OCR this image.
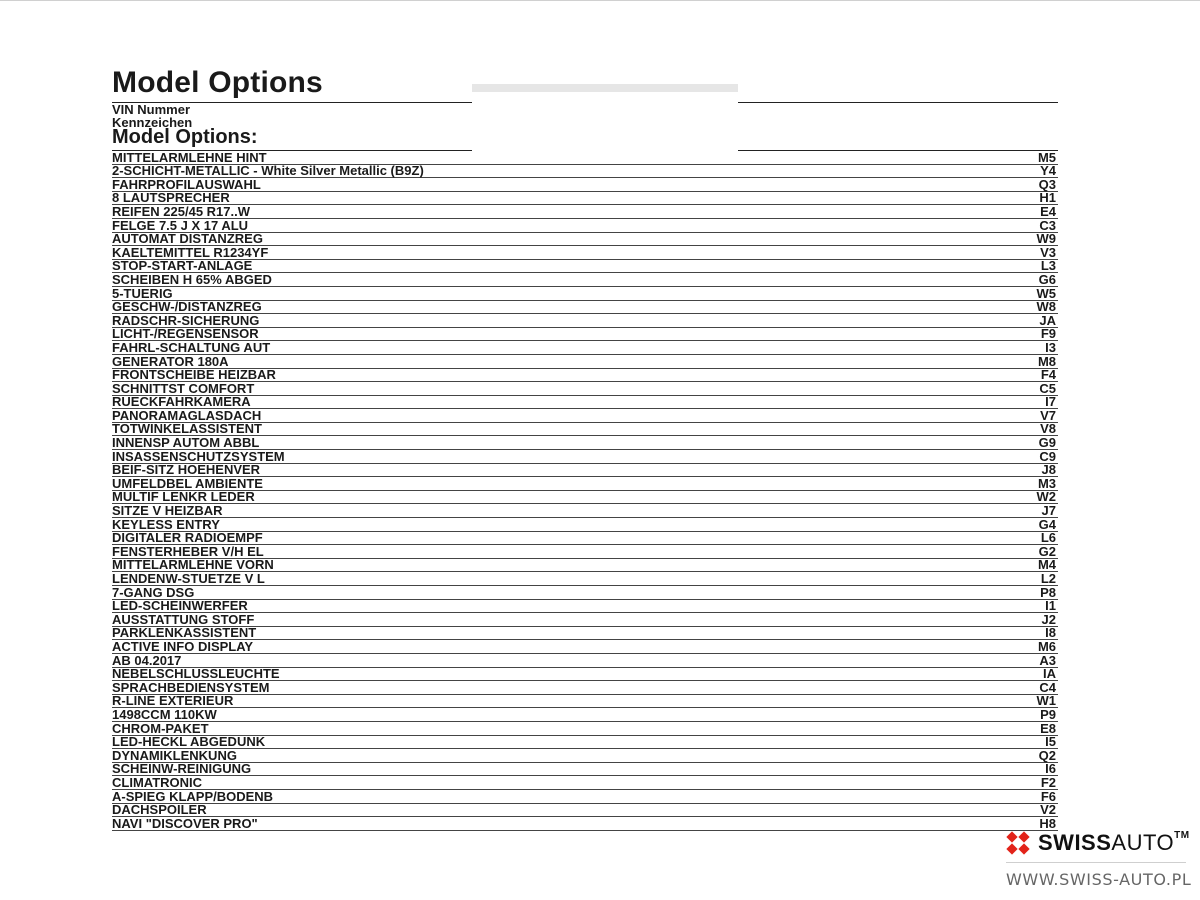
Model Options
VIN Nummer
Kennzeichen
Model Options:
MITTELARMLEHNE HINT	M5
2-SCHICHT-METALLIC - White Silver Metallic (B9Z)	Y4
FAHRPROFILAUSWAHL	Q3
8 LAUTSPRECHER	H1
REIFEN 225/45 R17..W	E4
FELGE 7.5 J X 17 ALU	C3
AUTOMAT DISTANZREG	W9
KAELTEMITTEL R1234YF	V3
STOP-START-ANLAGE	L3
SCHEIBEN H 65% ABGED	G6
5-TUERIG	W5
GESCHW-/DISTANZREG	W8
RADSCHR-SICHERUNG	JA
LICHT-/REGENSENSOR	F9
FAHRL-SCHALTUNG AUT	I3
GENERATOR 180A	M8
FRONTSCHEIBE HEIZBAR	F4
SCHNITTST COMFORT	C5
RUECKFAHRKAMERA	I7
PANORAMAGLASDACH	V7
TOTWINKELASSISTENT	V8
INNENSP AUTOM ABBL	G9
INSASSENSCHUTZSYSTEM	C9
BEIF-SITZ HOEHENVER	J8
UMFELDBEL AMBIENTE	M3
MULTIF LENKR LEDER	W2
SITZE V HEIZBAR	J7
KEYLESS ENTRY	G4
DIGITALER RADIOEMPF	L6
FENSTERHEBER V/H EL	G2
MITTELARMLEHNE VORN	M4
LENDENW-STUETZE V L	L2
7-GANG DSG	P8
LED-SCHEINWERFER	I1
AUSSTATTUNG STOFF	J2
PARKLENKASSISTENT	I8
ACTIVE INFO DISPLAY	M6
AB 04.2017	A3
NEBELSCHLUSSLEUCHTE	IA
SPRACHBEDIENSYSTEM	C4
R-LINE EXTERIEUR	W1
1498CCM 110KW	P9
CHROM-PAKET	E8
LED-HECKL ABGEDUNK	I5
DYNAMIKLENKUNG	Q2
SCHEINW-REINIGUNG	I6
CLIMATRONIC	F2
A-SPIEG KLAPP/BODENB	F6
DACHSPOILER	V2
NAVI "DISCOVER PRO"	H8
SWISSAUTO™
WWW.SWISS-AUTO.PL
